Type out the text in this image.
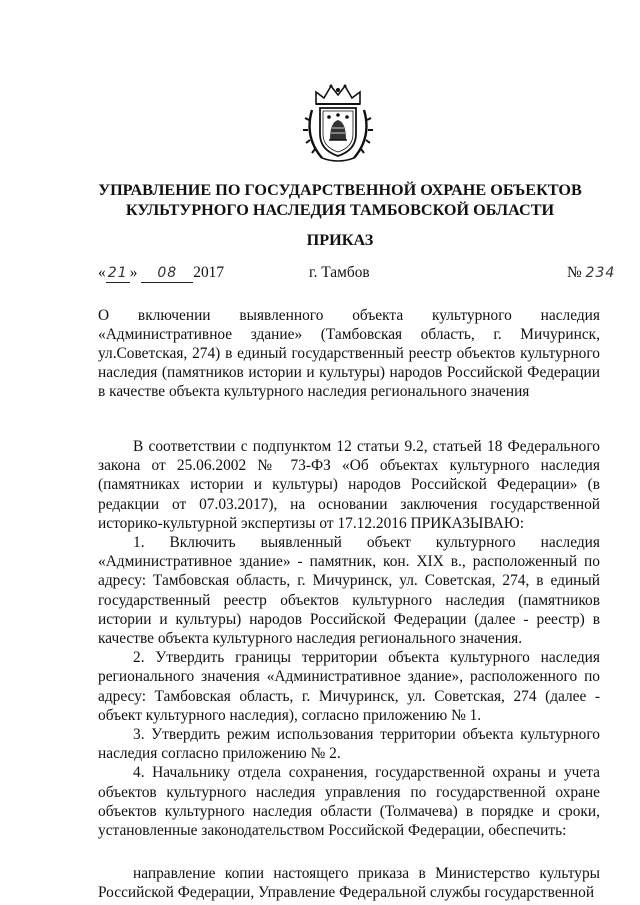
УПРАВЛЕНИЕ ПО ГОСУДАРСТВЕННОЙ ОХРАНЕ ОБЪЕКТОВ
КУЛЬТУРНОГО НАСЛЕДИЯ ТАМБОВСКОЙ ОБЛАСТИ
ПРИКАЗ
« 21 » 08 2017	г. Тамбов	№ 234
О включении выявленного объекта культурного наследия «Административное здание» (Тамбовская область, г. Мичуринск, ул.Советская, 274) в единый государственный реестр объектов культурного наследия (памятников истории и культуры) народов Российской Федерации в качестве объекта культурного наследия регионального значения

В соответствии с подпунктом 12 статьи 9.2, статьей 18 Федерального закона от 25.06.2002 № 73-ФЗ «Об объектах культурного наследия (памятниках истории и культуры) народов Российской Федерации» (в редакции от 07.03.2017), на основании заключения государственной историко-культурной экспертизы от 17.12.2016 ПРИКАЗЫВАЮ:

1. Включить выявленный объект культурного наследия «Административное здание» - памятник, кон. XIX в., расположенный по адресу: Тамбовская область, г. Мичуринск, ул. Советская, 274, в единый государственный реестр объектов культурного наследия (памятников истории и культуры) народов Российской Федерации (далее - реестр) в качестве объекта культурного наследия регионального значения.

2. Утвердить границы территории объекта культурного наследия регионального значения «Административное здание», расположенного по адресу: Тамбовская область, г. Мичуринск, ул. Советская, 274 (далее - объект культурного наследия), согласно приложению № 1.

3. Утвердить режим использования территории объекта культурного наследия согласно приложению № 2.

4. Начальнику отдела сохранения, государственной охраны и учета объектов культурного наследия управления по государственной охране объектов культурного наследия области (Толмачева) в порядке и сроки, установленные законодательством Российской Федерации, обеспечить:

направление копии настоящего приказа в Министерство культуры Российской Федерации, Управление Федеральной службы государственной
